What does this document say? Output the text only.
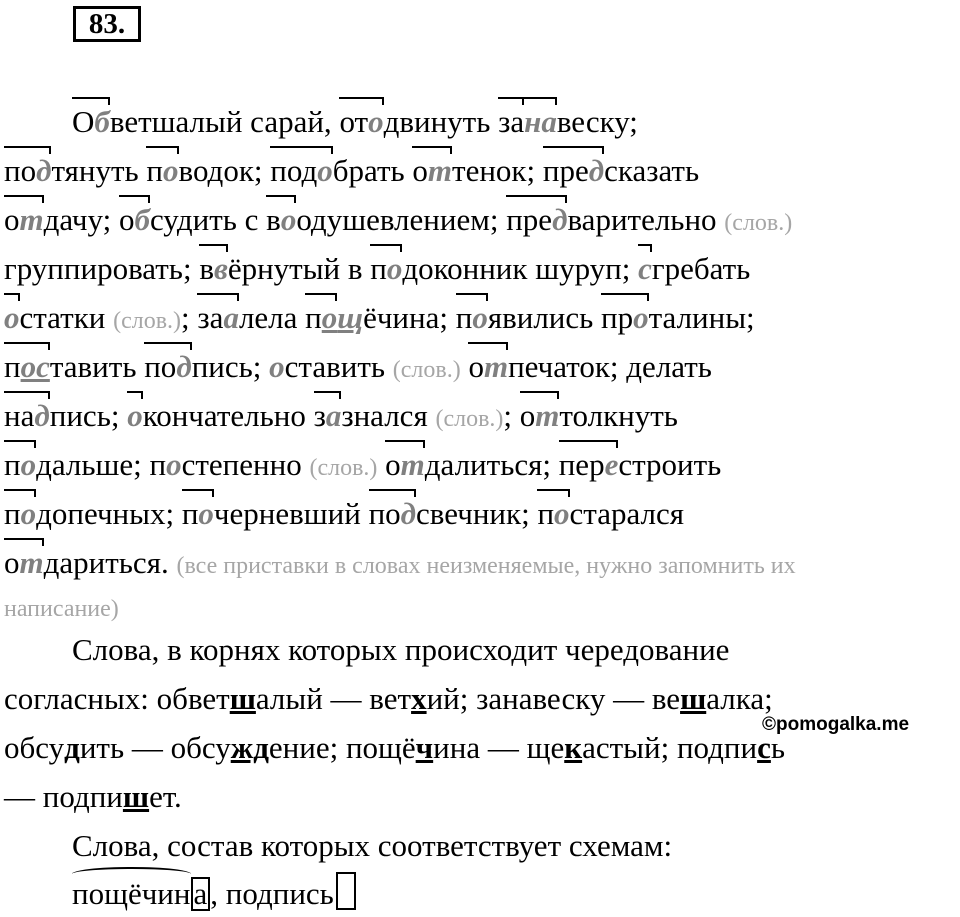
83.
Обветшалый сарай, отодвинуть занавеску;
подтянуть поводок; подобрать оттенок; предсказать
отдачу; обсудить с воодушевлением; предварительно (слов.)
группировать; ввёрнутый в подоконник шуруп; сгребать
остатки (слов.); заалела пощёчина; появились проталины;
поставить подпись; оставить (слов.) отпечаток; делать
надпись; окончательно зазнался (слов.); оттолкнуть
подальше; постепенно (слов.) отдалиться; перестроить
подопечных; почерневший подсвечник; постарался
отдариться. (все приставки в словах неизменяемые, нужно запомнить их
написание)
Слова, в корнях которых происходит чередование
согласных: обветшалый — ветхий; занавеску — вешалка;
©pomogalka.me
обсудить — обсуждение; пощёчина — щекастый; подпись
— подпишет.
Слова, состав которых соответствует схемам:
пощёчина, подпись
